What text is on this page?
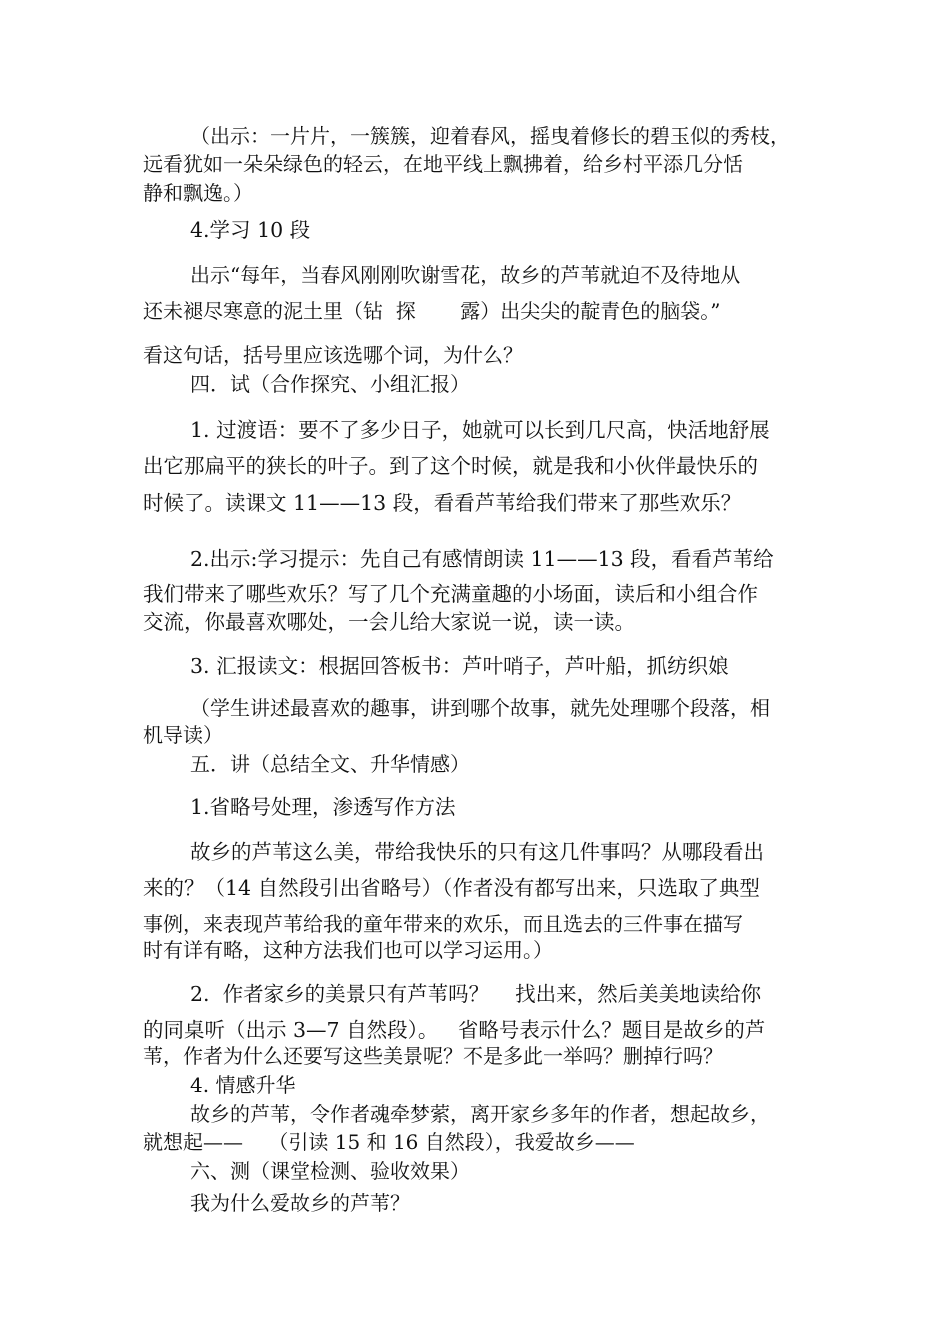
（出示：一片片，一簇簇，迎着春风，摇曳着修长的碧玉似的秀枝，
远看犹如一朵朵绿色的轻云，在地平线上飘拂着，给乡村平添几分恬
静和飘逸。）
4.学习 10 段
出示“每年，当春风刚刚吹谢雪花，故乡的芦苇就迫不及待地从
还未褪尽寒意的泥土里（钻  探       露）出尖尖的靛青色的脑袋。”
看这句话，括号里应该选哪个词，为什么？
四．试（合作探究、小组汇报）
1. 过渡语：要不了多少日子，她就可以长到几尺高，快活地舒展
出它那扁平的狭长的叶子。到了这个时候，就是我和小伙伴最快乐的
时候了。读课文 11——13 段，看看芦苇给我们带来了那些欢乐？
2.出示:学习提示：先自己有感情朗读 11——13 段，看看芦苇给
我们带来了哪些欢乐？写了几个充满童趣的小场面，读后和小组合作
交流，你最喜欢哪处，一会儿给大家说一说，读一读。
3. 汇报读文：根据回答板书：芦叶哨子，芦叶船，抓纺织娘
（学生讲述最喜欢的趣事，讲到哪个故事，就先处理哪个段落，相
机导读）
五．讲（总结全文、升华情感）
1.省略号处理，渗透写作方法
故乡的芦苇这么美，带给我快乐的只有这几件事吗？从哪段看出
来的？（14 自然段引出省略号）（作者没有都写出来，只选取了典型
事例，来表现芦苇给我的童年带来的欢乐，而且选去的三件事在描写
时有详有略，这种方法我们也可以学习运用。）
2.  作者家乡的美景只有芦苇吗？    找出来，然后美美地读给你
的同桌听（出示 3—7 自然段）。   省略号表示什么？题目是故乡的芦
苇，作者为什么还要写这些美景呢？不是多此一举吗？删掉行吗？
4. 情感升华
故乡的芦苇，令作者魂牵梦萦，离开家乡多年的作者，想起故乡，
就想起——    （引读 15 和 16 自然段），我爱故乡——
六、测（课堂检测、验收效果）
我为什么爱故乡的芦苇？
